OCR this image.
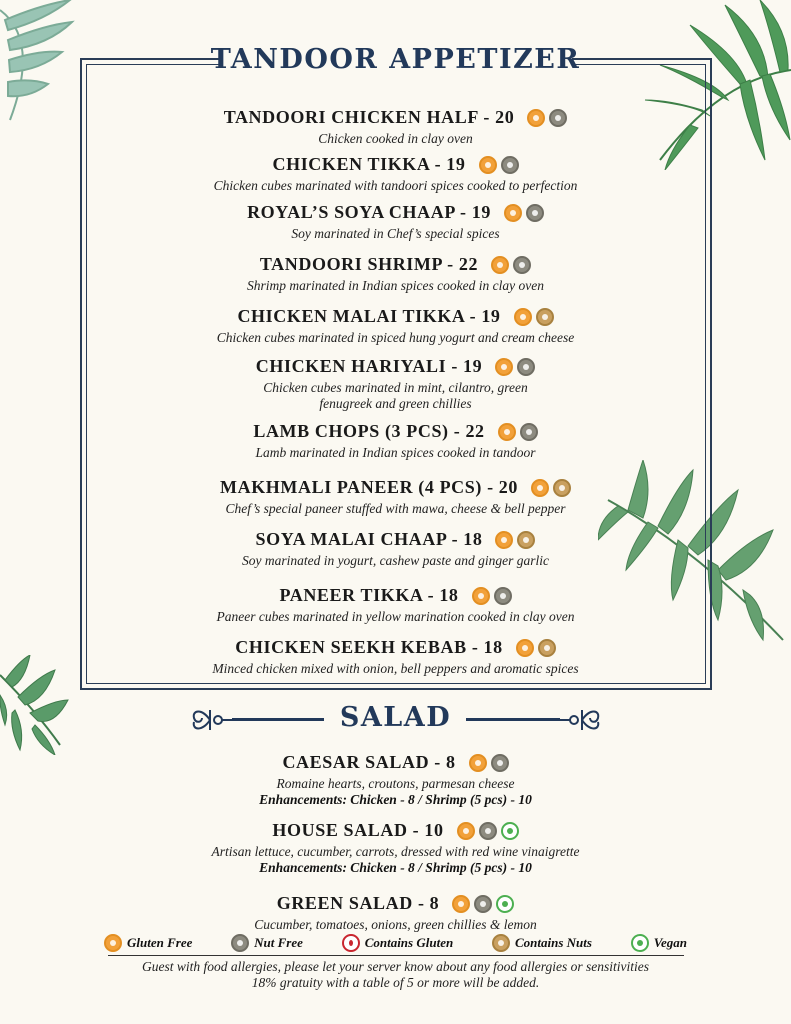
TANDOOR APPETIZER
TANDOORI CHICKEN HALF - 20
Chicken cooked in clay oven
CHICKEN TIKKA - 19
Chicken cubes marinated with tandoori spices cooked to perfection
ROYAL’S SOYA CHAAP - 19
Soy marinated in Chef’s special spices
TANDOORI SHRIMP - 22
Shrimp marinated in Indian spices cooked in clay oven
CHICKEN MALAI TIKKA - 19
Chicken cubes marinated in spiced hung yogurt and cream cheese
CHICKEN HARIYALI - 19
Chicken cubes marinated in mint, cilantro, green
fenugreek and green chillies
LAMB CHOPS (3 PCS) - 22
Lamb marinated in Indian spices cooked in tandoor
MAKHMALI PANEER (4 PCS) - 20
Chef’s special paneer stuffed with mawa, cheese & bell pepper
SOYA MALAI CHAAP - 18
Soy marinated in yogurt, cashew paste and ginger garlic
PANEER TIKKA - 18
Paneer cubes marinated in yellow marination cooked in clay oven
CHICKEN SEEKH KEBAB - 18
Minced chicken mixed with onion, bell peppers and aromatic spices
SALAD
CAESAR SALAD - 8
Romaine hearts, croutons, parmesan cheese
Enhancements: Chicken - 8 / Shrimp (5 pcs) - 10
HOUSE SALAD - 10
Artisan lettuce, cucumber, carrots, dressed with red wine vinaigrette
Enhancements: Chicken - 8 / Shrimp (5 pcs) - 10
GREEN SALAD - 8
Cucumber, tomatoes, onions, green chillies & lemon
Gluten Free	Nut Free	Contains Gluten	Contains Nuts	Vegan
Guest with food allergies, please let your server know about any food allergies or sensitivities
18% gratuity with a table of 5 or more will be added.
